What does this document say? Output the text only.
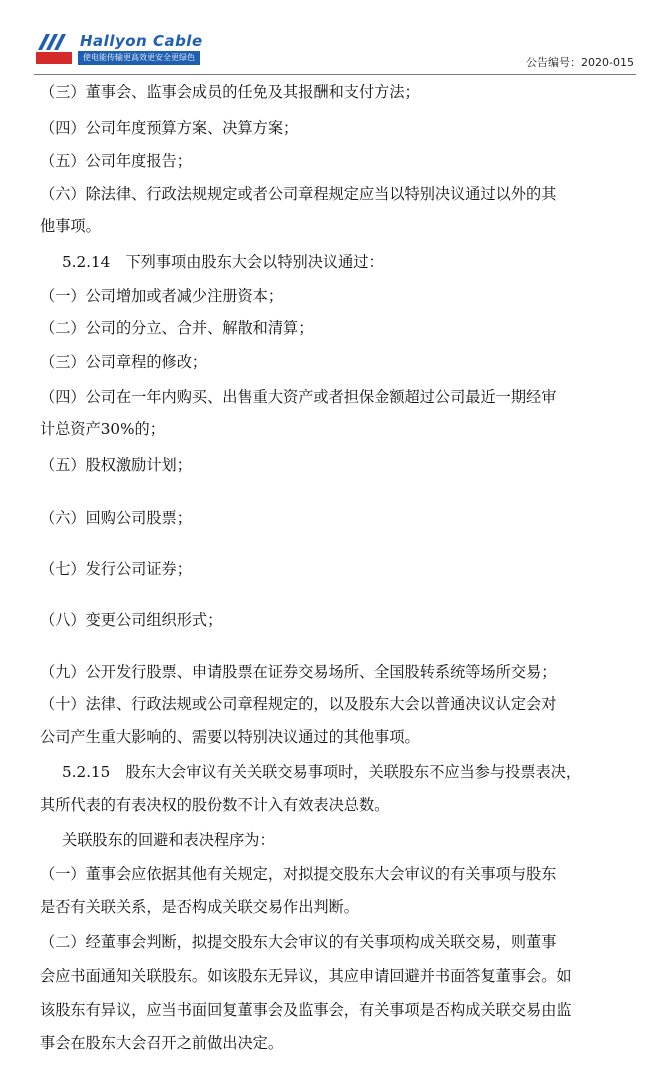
Hallyon Cable
使电能传输更高效更安全更绿色	公告编号：2020-015
（三）董事会、监事会成员的任免及其报酬和支付方法；
（四）公司年度预算方案、决算方案；
（五）公司年度报告；
（六）除法律、行政法规规定或者公司章程规定应当以特别决议通过以外的其
他事项。
5.2.14　下列事项由股东大会以特别决议通过：
（一）公司增加或者减少注册资本；
（二）公司的分立、合并、解散和清算；
（三）公司章程的修改；
（四）公司在一年内购买、出售重大资产或者担保金额超过公司最近一期经审
计总资产30%的；
（五）股权激励计划；
（六）回购公司股票；
（七）发行公司证券；
（八）变更公司组织形式；
（九）公开发行股票、申请股票在证券交易场所、全国股转系统等场所交易；
（十）法律、行政法规或公司章程规定的，以及股东大会以普通决议认定会对
公司产生重大影响的、需要以特别决议通过的其他事项。
5.2.15　股东大会审议有关关联交易事项时，关联股东不应当参与投票表决，
其所代表的有表决权的股份数不计入有效表决总数。
关联股东的回避和表决程序为：
（一）董事会应依据其他有关规定，对拟提交股东大会审议的有关事项与股东
是否有关联关系，是否构成关联交易作出判断。
（二）经董事会判断，拟提交股东大会审议的有关事项构成关联交易，则董事
会应书面通知关联股东。如该股东无异议，其应申请回避并书面答复董事会。如
该股东有异议，应当书面回复董事会及监事会，有关事项是否构成关联交易由监
事会在股东大会召开之前做出决定。
